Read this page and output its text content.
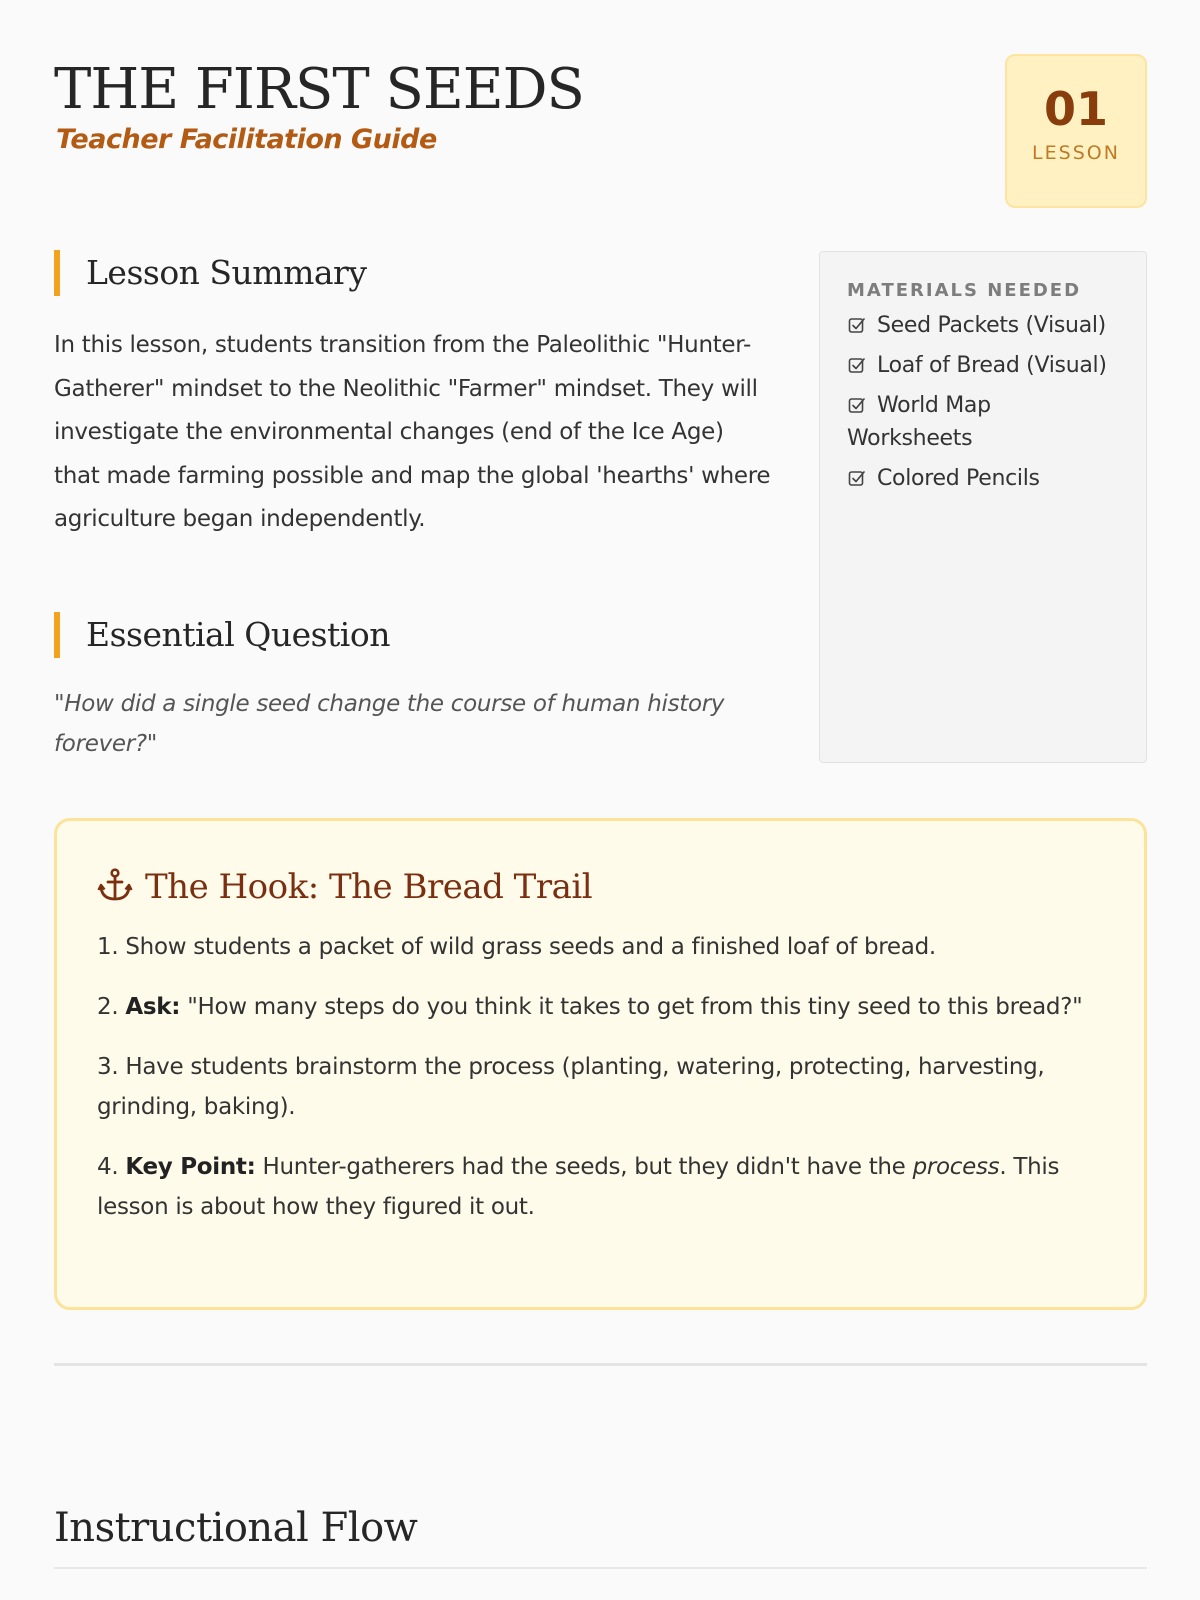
THE FIRST SEEDS

Teacher Facilitation Guide

01
LESSON
Lesson Summary

In this lesson, students transition from the Paleolithic "Hunter-Gatherer" mindset to the Neolithic "Farmer" mindset. They will investigate the environmental changes (end of the Ice Age) that made farming possible and map the global 'hearths' where agriculture began independently.

Essential Question

"How did a single seed change the course of human history forever?"

MATERIALS NEEDED
Seed Packets (Visual)
Loaf of Bread (Visual)
World Map Worksheets
Colored Pencils
The Hook: The Bread Trail

1. Show students a packet of wild grass seeds and a finished loaf of bread.

2. Ask: "How many steps do you think it takes to get from this tiny seed to this bread?"

3. Have students brainstorm the process (planting, watering, protecting, harvesting, grinding, baking).

4. Key Point: Hunter-gatherers had the seeds, but they didn't have the process. This lesson is about how they figured it out.

Instructional Flow
